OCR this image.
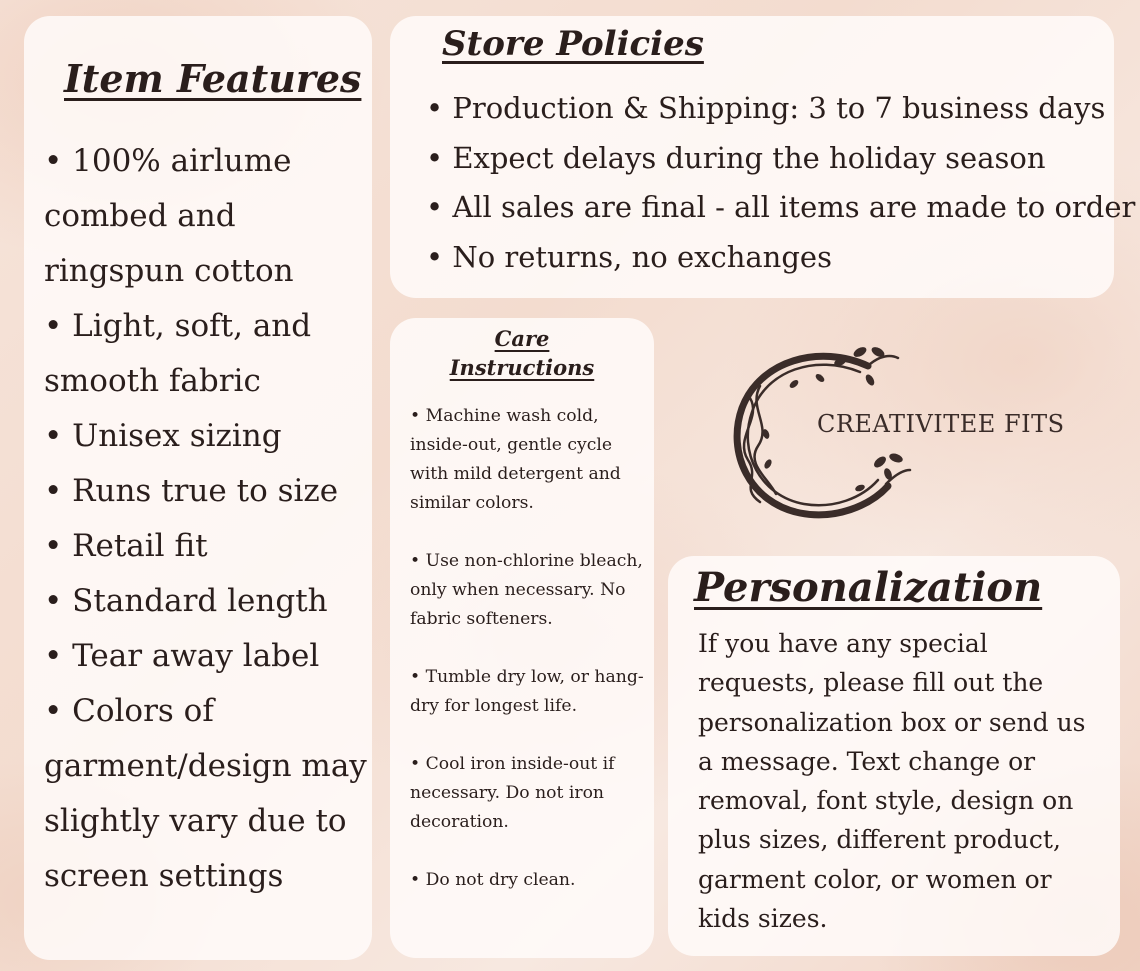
Item Features
• 100% airlume combed and ringspun cotton
• Light, soft, and smooth fabric
• Unisex sizing
• Runs true to size
• Retail fit
• Standard length
• Tear away label
• Colors of garment/design may slightly vary due to screen settings
Store Policies
• Production & Shipping: 3 to 7 business days
• Expect delays during the holiday season
• All sales are final - all items are made to order
• No returns, no exchanges
Care
Instructions
• Machine wash cold, inside-out, gentle cycle with mild detergent and similar colors.
• Use non-chlorine bleach, only when necessary. No fabric softeners.
• Tumble dry low, or hang-dry for longest life.
• Cool iron inside-out if necessary. Do not iron decoration.
• Do not dry clean.
CREATIVITEE FITS
Personalization

If you have any special requests, please fill out the personalization box or send us a message. Text change or removal, font style, design on plus sizes, different product, garment color, or women or kids sizes.
